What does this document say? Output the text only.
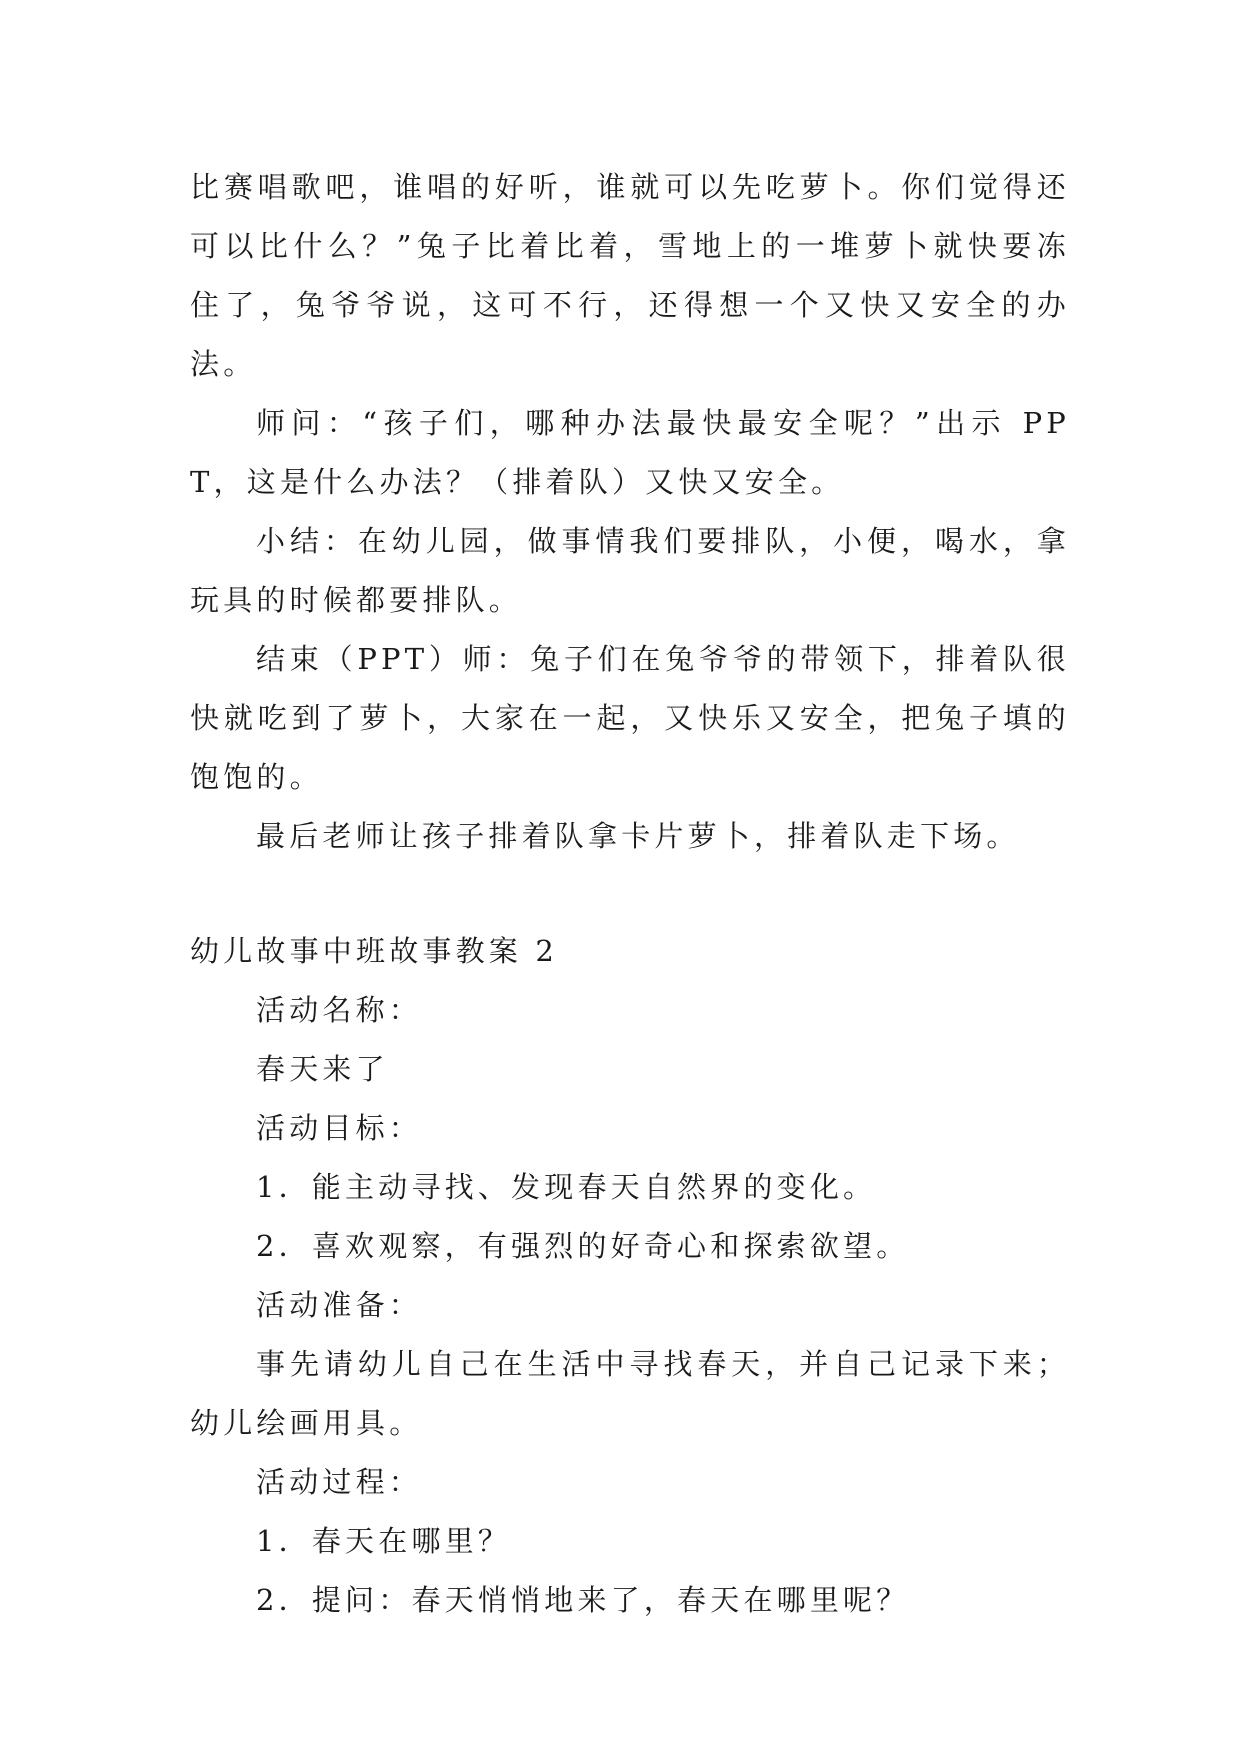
比赛唱歌吧，谁唱的好听，谁就可以先吃萝卜。你们觉得还可以比什么？”兔子比着比着，雪地上的一堆萝卜就快要冻住了，兔爷爷说，这可不行，还得想一个又快又安全的办法。

师问：“孩子们，哪种办法最快最安全呢？”出示 PPT，这是什么办法？（排着队）又快又安全。

小结：在幼儿园，做事情我们要排队，小便，喝水，拿玩具的时候都要排队。

结束（PPT）师：兔子们在兔爷爷的带领下，排着队很快就吃到了萝卜，大家在一起，又快乐又安全，把兔子填的饱饱的。

最后老师让孩子排着队拿卡片萝卜，排着队走下场。

幼儿故事中班故事教案 2

活动名称：

春天来了

活动目标：

1．能主动寻找、发现春天自然界的变化。

2．喜欢观察，有强烈的好奇心和探索欲望。

活动准备：

事先请幼儿自己在生活中寻找春天，并自己记录下来；幼儿绘画用具。

活动过程：

1．春天在哪里？

2．提问：春天悄悄地来了，春天在哪里呢？
